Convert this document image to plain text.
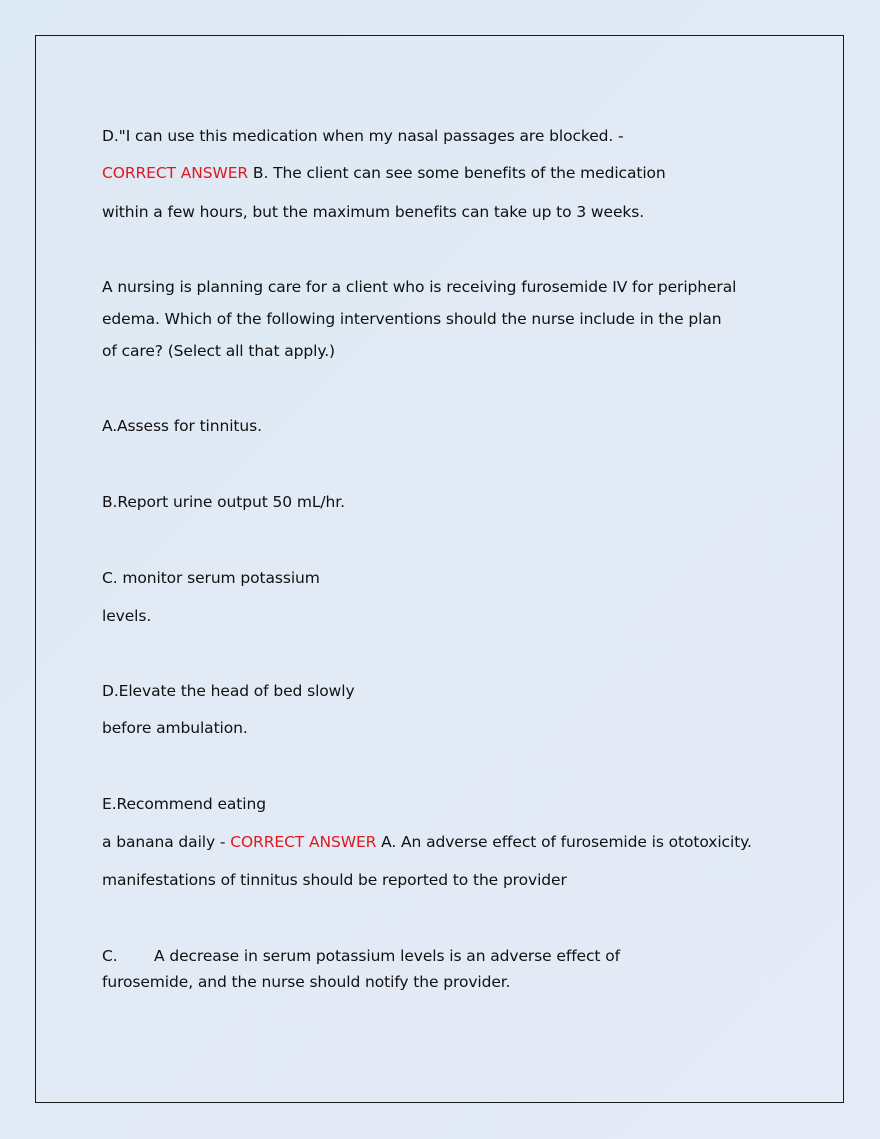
D."I can use this medication when my nasal passages are blocked. -
CORRECT ANSWER B. The client can see some benefits of the medication
within a few hours, but the maximum benefits can take up to 3 weeks.
A nursing is planning care for a client who is receiving furosemide IV for peripheral
edema. Which of the following interventions should the nurse include in the plan
of care? (Select all that apply.)
A.Assess for tinnitus.
B.Report urine output 50 mL/hr.
C. monitor serum potassium
levels.
D.Elevate the head of bed slowly
before ambulation.
E.Recommend eating
a banana daily - CORRECT ANSWER A. An adverse effect of furosemide is ototoxicity.
manifestations of tinnitus should be reported to the provider
C. A decrease in serum potassium levels is an adverse effect of
furosemide, and the nurse should notify the provider.
